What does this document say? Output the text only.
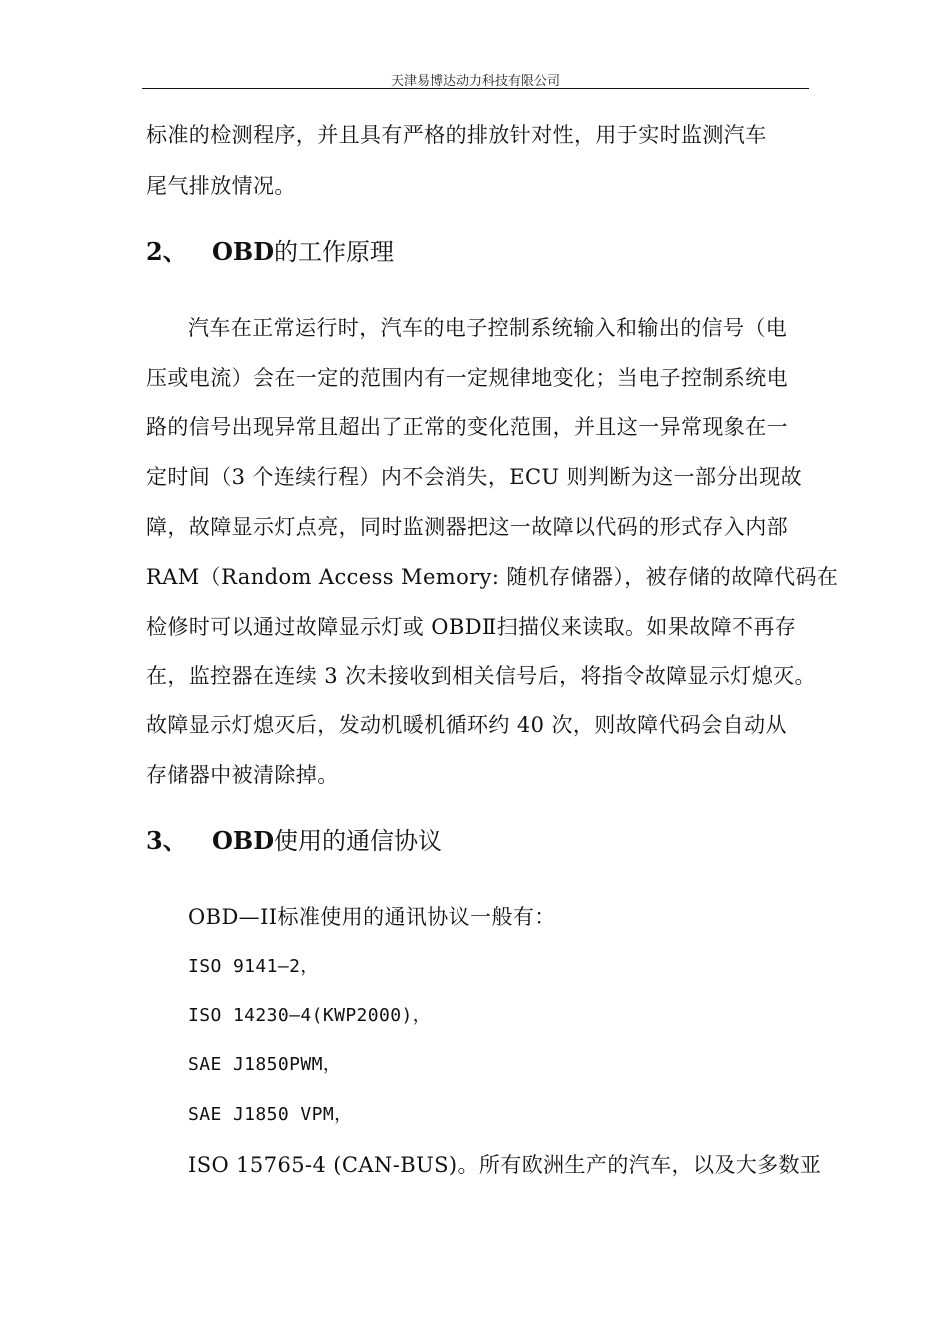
天津易博达动力科技有限公司
标准的检测程序，并且具有严格的排放针对性，用于实时监测汽车
尾气排放情况。
2、 OBD的工作原理
汽车在正常运行时，汽车的电子控制系统输入和输出的信号（电
压或电流）会在一定的范围内有一定规律地变化；当电子控制系统电
路的信号出现异常且超出了正常的变化范围，并且这一异常现象在一
定时间（3 个连续行程）内不会消失，ECU 则判断为这一部分出现故
障，故障显示灯点亮，同时监测器把这一故障以代码的形式存入内部
RAM（Random Access Memory: 随机存储器），被存储的故障代码在
检修时可以通过故障显示灯或 OBDⅡ扫描仪来读取。如果故障不再存
在，监控器在连续 3 次未接收到相关信号后，将指令故障显示灯熄灭。
故障显示灯熄灭后，发动机暖机循环约 40 次，则故障代码会自动从
存储器中被清除掉。
3、 OBD使用的通信协议
OBD—II标准使用的通讯协议一般有：
ISO 9141—2，
ISO 14230—4(KWP2000)，
SAE J1850PWM，
SAE J1850 VPM，
ISO 15765-4 (CAN-BUS)。所有欧洲生产的汽车，以及大多数亚
